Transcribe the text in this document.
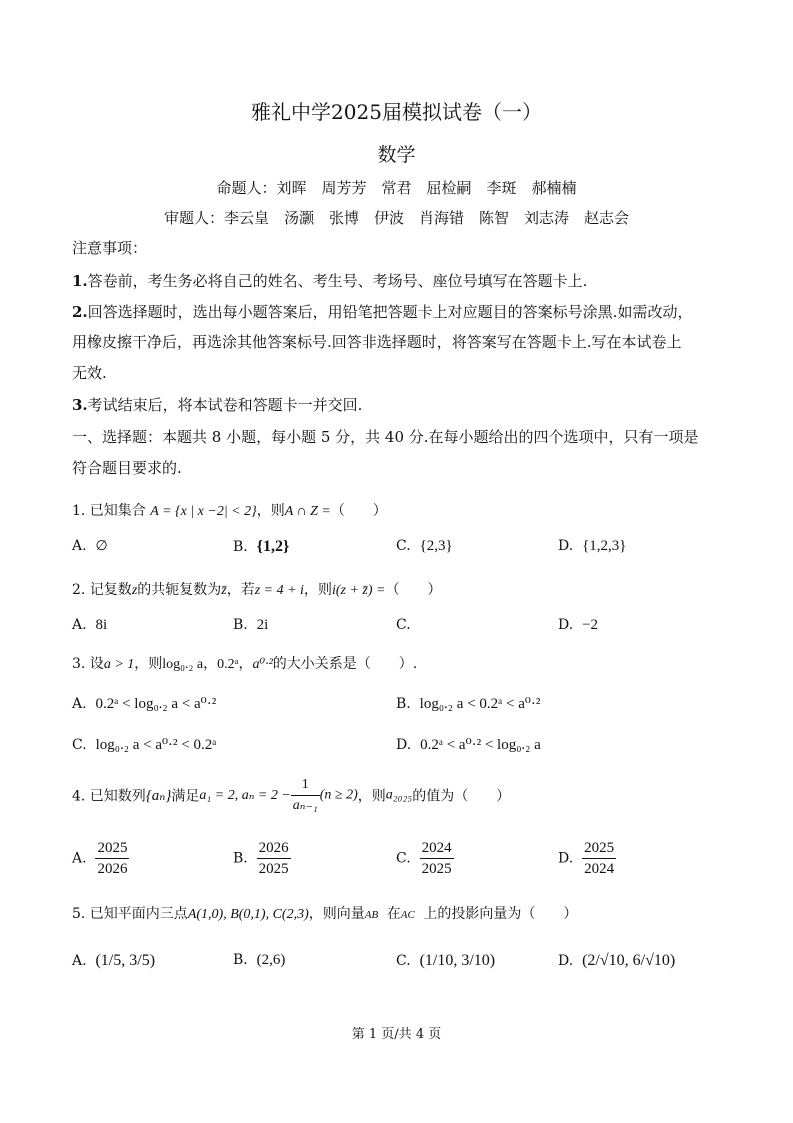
雅礼中学2025届模拟试卷（一）
数学
命题人：刘晖　周芳芳　常君　屈检嗣　李斑　郝楠楠
审题人：李云皇　汤灏　张博　伊波　肖海错　陈智　刘志涛　赵志会
注意事项：
1.答卷前，考生务必将自己的姓名、考生号、考场号、座位号填写在答题卡上.
2.回答选择题时，选出每小题答案后，用铅笔把答题卡上对应题目的答案标号涂黑.如需改动，
用橡皮擦干净后，再选涂其他答案标号.回答非选择题时，将答案写在答题卡上.写在本试卷上
无效.
3.考试结束后，将本试卷和答题卡一并交回.
一、选择题：本题共 8 小题，每小题 5 分，共 40 分.在每小题给出的四个选项中，只有一项是
符合题目要求的.
1. 已知集合 A = {x | x −2| < 2}，则A ∩ Z =（　　）
A. ∅	B. {1,2}	C. {2,3}	D. {1,2,3}
2. 记复数z的共轭复数为z̄，若z = 4 + i，则i(z + z̄) =（　　）
A. 8i	B. 2i	C.	D. −2
3. 设a > 1，则log₀.₂ a，0.2ᵃ，a⁰·²的大小关系是（　　）.
A. 0.2ᵃ < log₀.₂ a < a⁰·²	B. log₀.₂ a < 0.2ᵃ < a⁰·²
C. log₀.₂ a < a⁰·² < 0.2ᵃ	D. 0.2ᵃ < a⁰·² < log₀.₂ a
4. 已知数列{aₙ}满足a₁ = 2, $a_n = 2 - \frac{1}{\text{aₙ₋₁}} (n \ge 2)$，则a₂₀₂₅的值为（　　）
A. $\frac{2025}{2026}$	B. $\frac{2026}{2025}$	C. $\frac{2024}{2025}$	D. $\frac{2025}{2024}$
5. 已知平面内三点A(1,0), B(0,1), C(2,3)，则向量AB⃗在AC⃗上的投影向量为（　　）
A. (1/5, 3/5)	B. (2,6)	C. (1/10, 3/10)	D. (2/√10, 6/√10)
第 1 页/共 4 页
